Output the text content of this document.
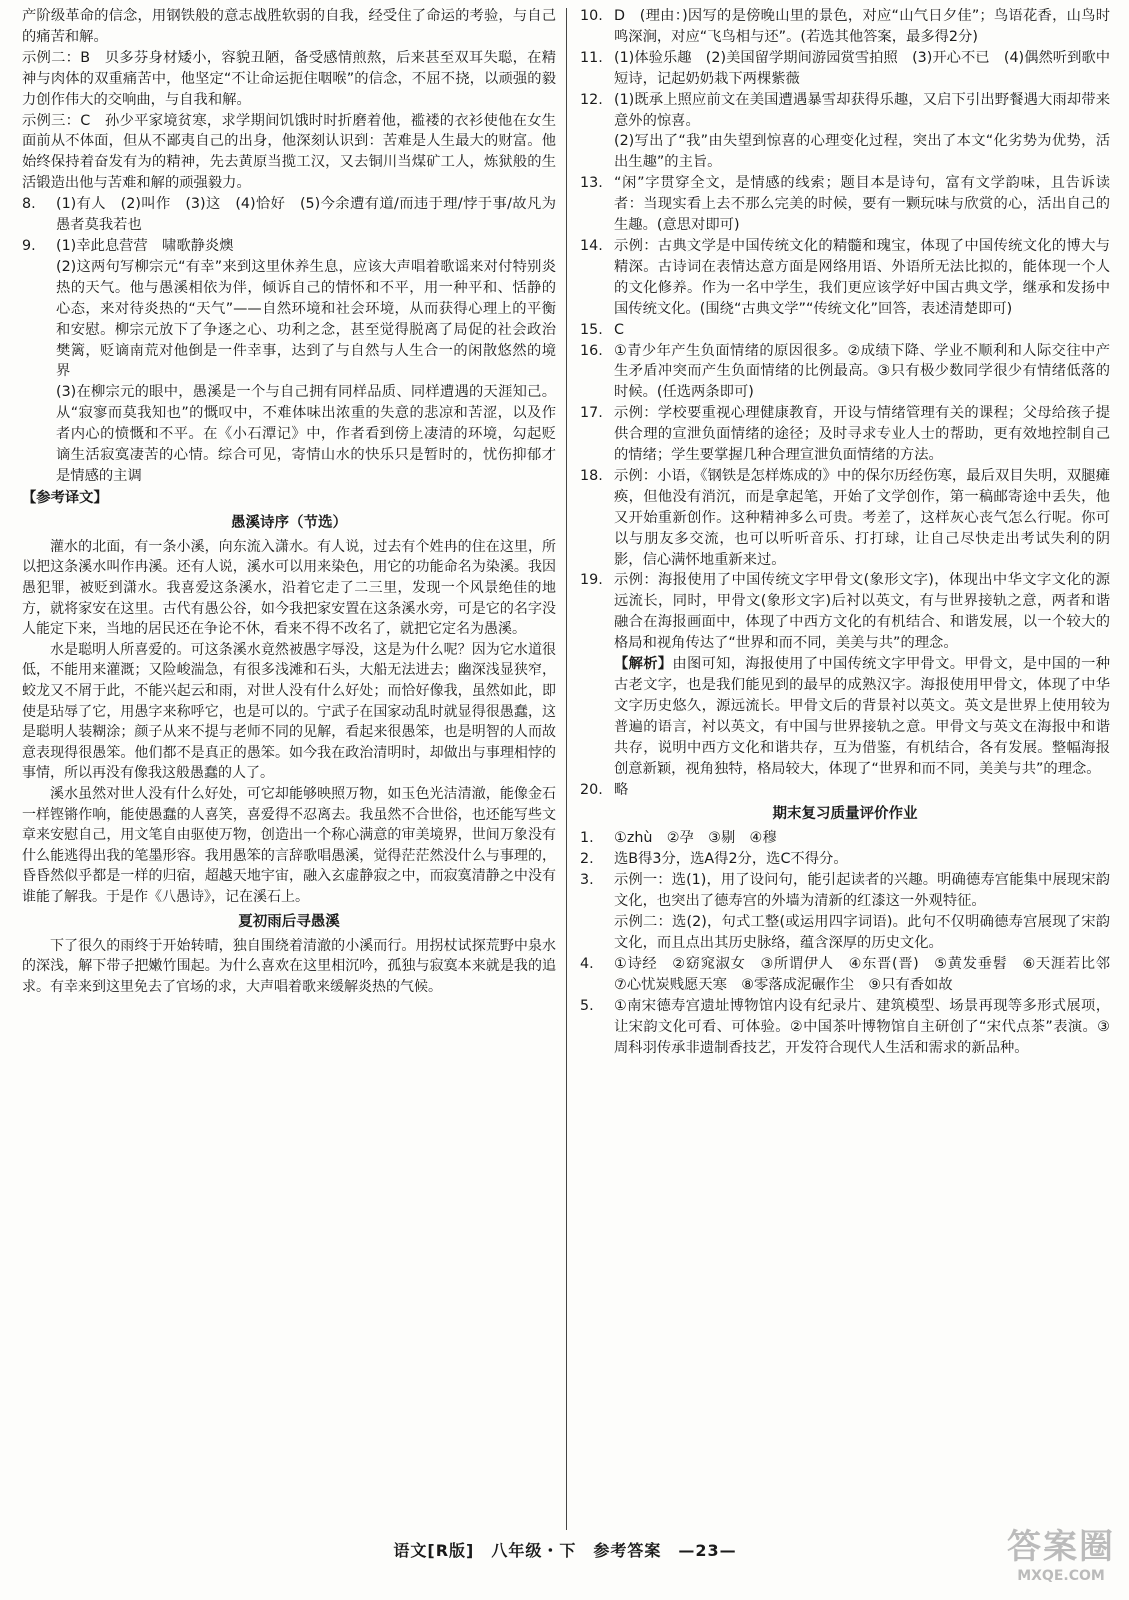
产阶级革命的信念，用钢铁般的意志战胜软弱的自我，经受住了命运的考验，与自己的痛苦和解。

示例二：B　贝多芬身材矮小，容貌丑陋，备受感情煎熬，后来甚至双耳失聪，在精神与肉体的双重痛苦中，他坚定“不让命运扼住咽喉”的信念，不屈不挠，以顽强的毅力创作伟大的交响曲，与自我和解。

示例三：C　孙少平家境贫寒，求学期间饥饿时时折磨着他，褴褛的衣衫使他在女生面前从不体面，但从不鄙夷自己的出身，他深刻认识到：苦难是人生最大的财富。他始终保持着奋发有为的精神，先去黄原当揽工汉，又去铜川当煤矿工人，炼狱般的生活锻造出他与苦难和解的顽强毅力。

8.	(1)有人　(2)叫作　(3)这　(4)恰好　(5)今余遭有道/而违于理/悖于事/故凡为愚者莫我若也

9.	(1)幸此息营营　啸歌静炎燠

(2)这两句写柳宗元“有幸”来到这里休养生息，应该大声唱着歌谣来对付特别炎热的天气。他与愚溪相依为伴，倾诉自己的情怀和不平，用一种平和、恬静的心态，来对待炎热的“天气”——自然环境和社会环境，从而获得心理上的平衡和安慰。柳宗元放下了争逐之心、功利之念，甚至觉得脱离了局促的社会政治樊篱，贬谪南荒对他倒是一件幸事，达到了与自然与人生合一的闲散悠然的境界

(3)在柳宗元的眼中，愚溪是一个与自己拥有同样品质、同样遭遇的天涯知己。从“寂寥而莫我知也”的慨叹中，不难体味出浓重的失意的悲凉和苦涩，以及作者内心的愤慨和不平。在《小石潭记》中，作者看到傍上凄清的环境，勾起贬谪生活寂寞凄苦的心情。综合可见，寄情山水的快乐只是暂时的，忧伤抑郁才是情感的主调

【参考译文】

愚溪诗序（节选）

灌水的北面，有一条小溪，向东流入潇水。有人说，过去有个姓冉的住在这里，所以把这条溪水叫作冉溪。还有人说，溪水可以用来染色，用它的功能命名为染溪。我因愚犯罪，被贬到潇水。我喜爱这条溪水，沿着它走了二三里，发现一个风景绝佳的地方，就将家安在这里。古代有愚公谷，如今我把家安置在这条溪水旁，可是它的名字没人能定下来，当地的居民还在争论不休，看来不得不改名了，就把它定名为愚溪。

水是聪明人所喜爱的。可这条溪水竟然被愚字辱没，这是为什么呢？因为它水道很低，不能用来灌溉；又险峻湍急，有很多浅滩和石头，大船无法进去；幽深浅显狭窄，蛟龙又不屑于此，不能兴起云和雨，对世人没有什么好处；而恰好像我，虽然如此，即使是玷辱了它，用愚字来称呼它，也是可以的。宁武子在国家动乱时就显得很愚蠢，这是聪明人装糊涂；颜子从来不提与老师不同的见解，看起来很愚笨，也是明智的人而故意表现得很愚笨。他们都不是真正的愚笨。如今我在政治清明时，却做出与事理相悖的事情，所以再没有像我这般愚蠢的人了。

溪水虽然对世人没有什么好处，可它却能够映照万物，如玉色光洁清澈，能像金石一样铿锵作响，能使愚蠢的人喜笑，喜爱得不忍离去。我虽然不合世俗，也还能写些文章来安慰自己，用文笔自由驱使万物，创造出一个称心满意的审美境界，世间万象没有什么能逃得出我的笔墨形容。我用愚笨的言辞歌唱愚溪，觉得茫茫然没什么与事理的，昏昏然似乎都是一样的归宿，超越天地宇宙，融入玄虚静寂之中，而寂寞清静之中没有谁能了解我。于是作《八愚诗》，记在溪石上。

夏初雨后寻愚溪

下了很久的雨终于开始转晴，独自围绕着清澈的小溪而行。用拐杖试探荒野中泉水的深浅，解下带子把嫩竹围起。为什么喜欢在这里相沉吟，孤独与寂寞本来就是我的追求。有幸来到这里免去了官场的求，大声唱着歌来缓解炎热的气候。

10. D　(理由：)因写的是傍晚山里的景色，对应“山气日夕佳”；鸟语花香，山鸟时鸣深涧，对应“飞鸟相与还”。(若选其他答案，最多得2分)

11. (1)体验乐趣　(2)美国留学期间游园赏雪拍照　(3)开心不已　(4)偶然听到歌中短诗，记起奶奶栽下两棵紫薇

12. (1)既承上照应前文在美国遭遇暴雪却获得乐趣，又启下引出野餐遇大雨却带来意外的惊喜。

(2)写出了“我”由失望到惊喜的心理变化过程，突出了本文“化劣势为优势，活出生趣”的主旨。

13. “闲”字贯穿全文，是情感的线索；题目本是诗句，富有文学韵味，且告诉读者：当现实看上去不那么完美的时候，要有一颗玩味与欣赏的心，活出自己的生趣。(意思对即可)

14. 示例：古典文学是中国传统文化的精髓和瑰宝，体现了中国传统文化的博大与精深。古诗词在表情达意方面是网络用语、外语所无法比拟的，能体现一个人的文化修养。作为一名中学生，我们更应该学好中国古典文学，继承和发扬中国传统文化。(围绕“古典文学”“传统文化”回答，表述清楚即可)

15. C

16. ①青少年产生负面情绪的原因很多。②成绩下降、学业不顺利和人际交往中产生矛盾冲突而产生负面情绪的比例最高。③只有极少数同学很少有情绪低落的时候。(任选两条即可)

17. 示例：学校要重视心理健康教育，开设与情绪管理有关的课程；父母给孩子提供合理的宣泄负面情绪的途径；及时寻求专业人士的帮助，更有效地控制自己的情绪；学生要掌握几种合理宣泄负面情绪的方法。

18. 示例：小语，《钢铁是怎样炼成的》中的保尔历经伤寒，最后双目失明，双腿瘫痪，但他没有消沉，而是拿起笔，开始了文学创作，第一稿邮寄途中丢失，他又开始重新创作。这种精神多么可贵。考差了，这样灰心丧气怎么行呢。你可以与朋友多交流，也可以听听音乐、打打球，让自己尽快走出考试失利的阴影，信心满怀地重新来过。

19. 示例：海报使用了中国传统文字甲骨文(象形文字)，体现出中华文字文化的源远流长，同时，甲骨文(象形文字)后衬以英文，有与世界接轨之意，两者和谐融合在海报画面中，体现了中西方文化的有机结合、和谐发展，以一个较大的格局和视角传达了“世界和而不同，美美与共”的理念。

【解析】由图可知，海报使用了中国传统文字甲骨文。甲骨文，是中国的一种古老文字，也是我们能见到的最早的成熟汉字。海报使用甲骨文，体现了中华文字历史悠久，源远流长。甲骨文后的背景衬以英文。英文是世界上使用较为普遍的语言，衬以英文，有中国与世界接轨之意。甲骨文与英文在海报中和谐共存，说明中西方文化和谐共存，互为借鉴，有机结合，各有发展。整幅海报创意新颖，视角独特，格局较大，体现了“世界和而不同，美美与共”的理念。

20. 略

期末复习质量评价作业

1.	①zhù　②孕　③剔　④穆

2.	选B得3分，选A得2分，选C不得分。

3.	示例一：选(1)，用了设问句，能引起读者的兴趣。明确德寿宫能集中展现宋韵文化，也突出了德寿宫的外墙为清新的红漆这一外观特征。

示例二：选(2)，句式工整(或运用四字词语)。此句不仅明确德寿宫展现了宋韵文化，而且点出其历史脉络，蕴含深厚的历史文化。

4.	①诗经　②窈窕淑女　③所谓伊人　④东晋(晋)　⑤黄发垂髫　⑥天涯若比邻　⑦心忧炭贱愿天寒　⑧零落成泥碾作尘　⑨只有香如故

5.	①南宋德寿宫遗址博物馆内设有纪录片、建筑模型、场景再现等多形式展项，让宋韵文化可看、可体验。②中国茶叶博物馆自主研创了“宋代点茶”表演。③周科羽传承非遗制香技艺，开发符合现代人生活和需求的新品种。

语文[R版]　八年级・下　参考答案　—23—	答案圈
MXQE.COM
